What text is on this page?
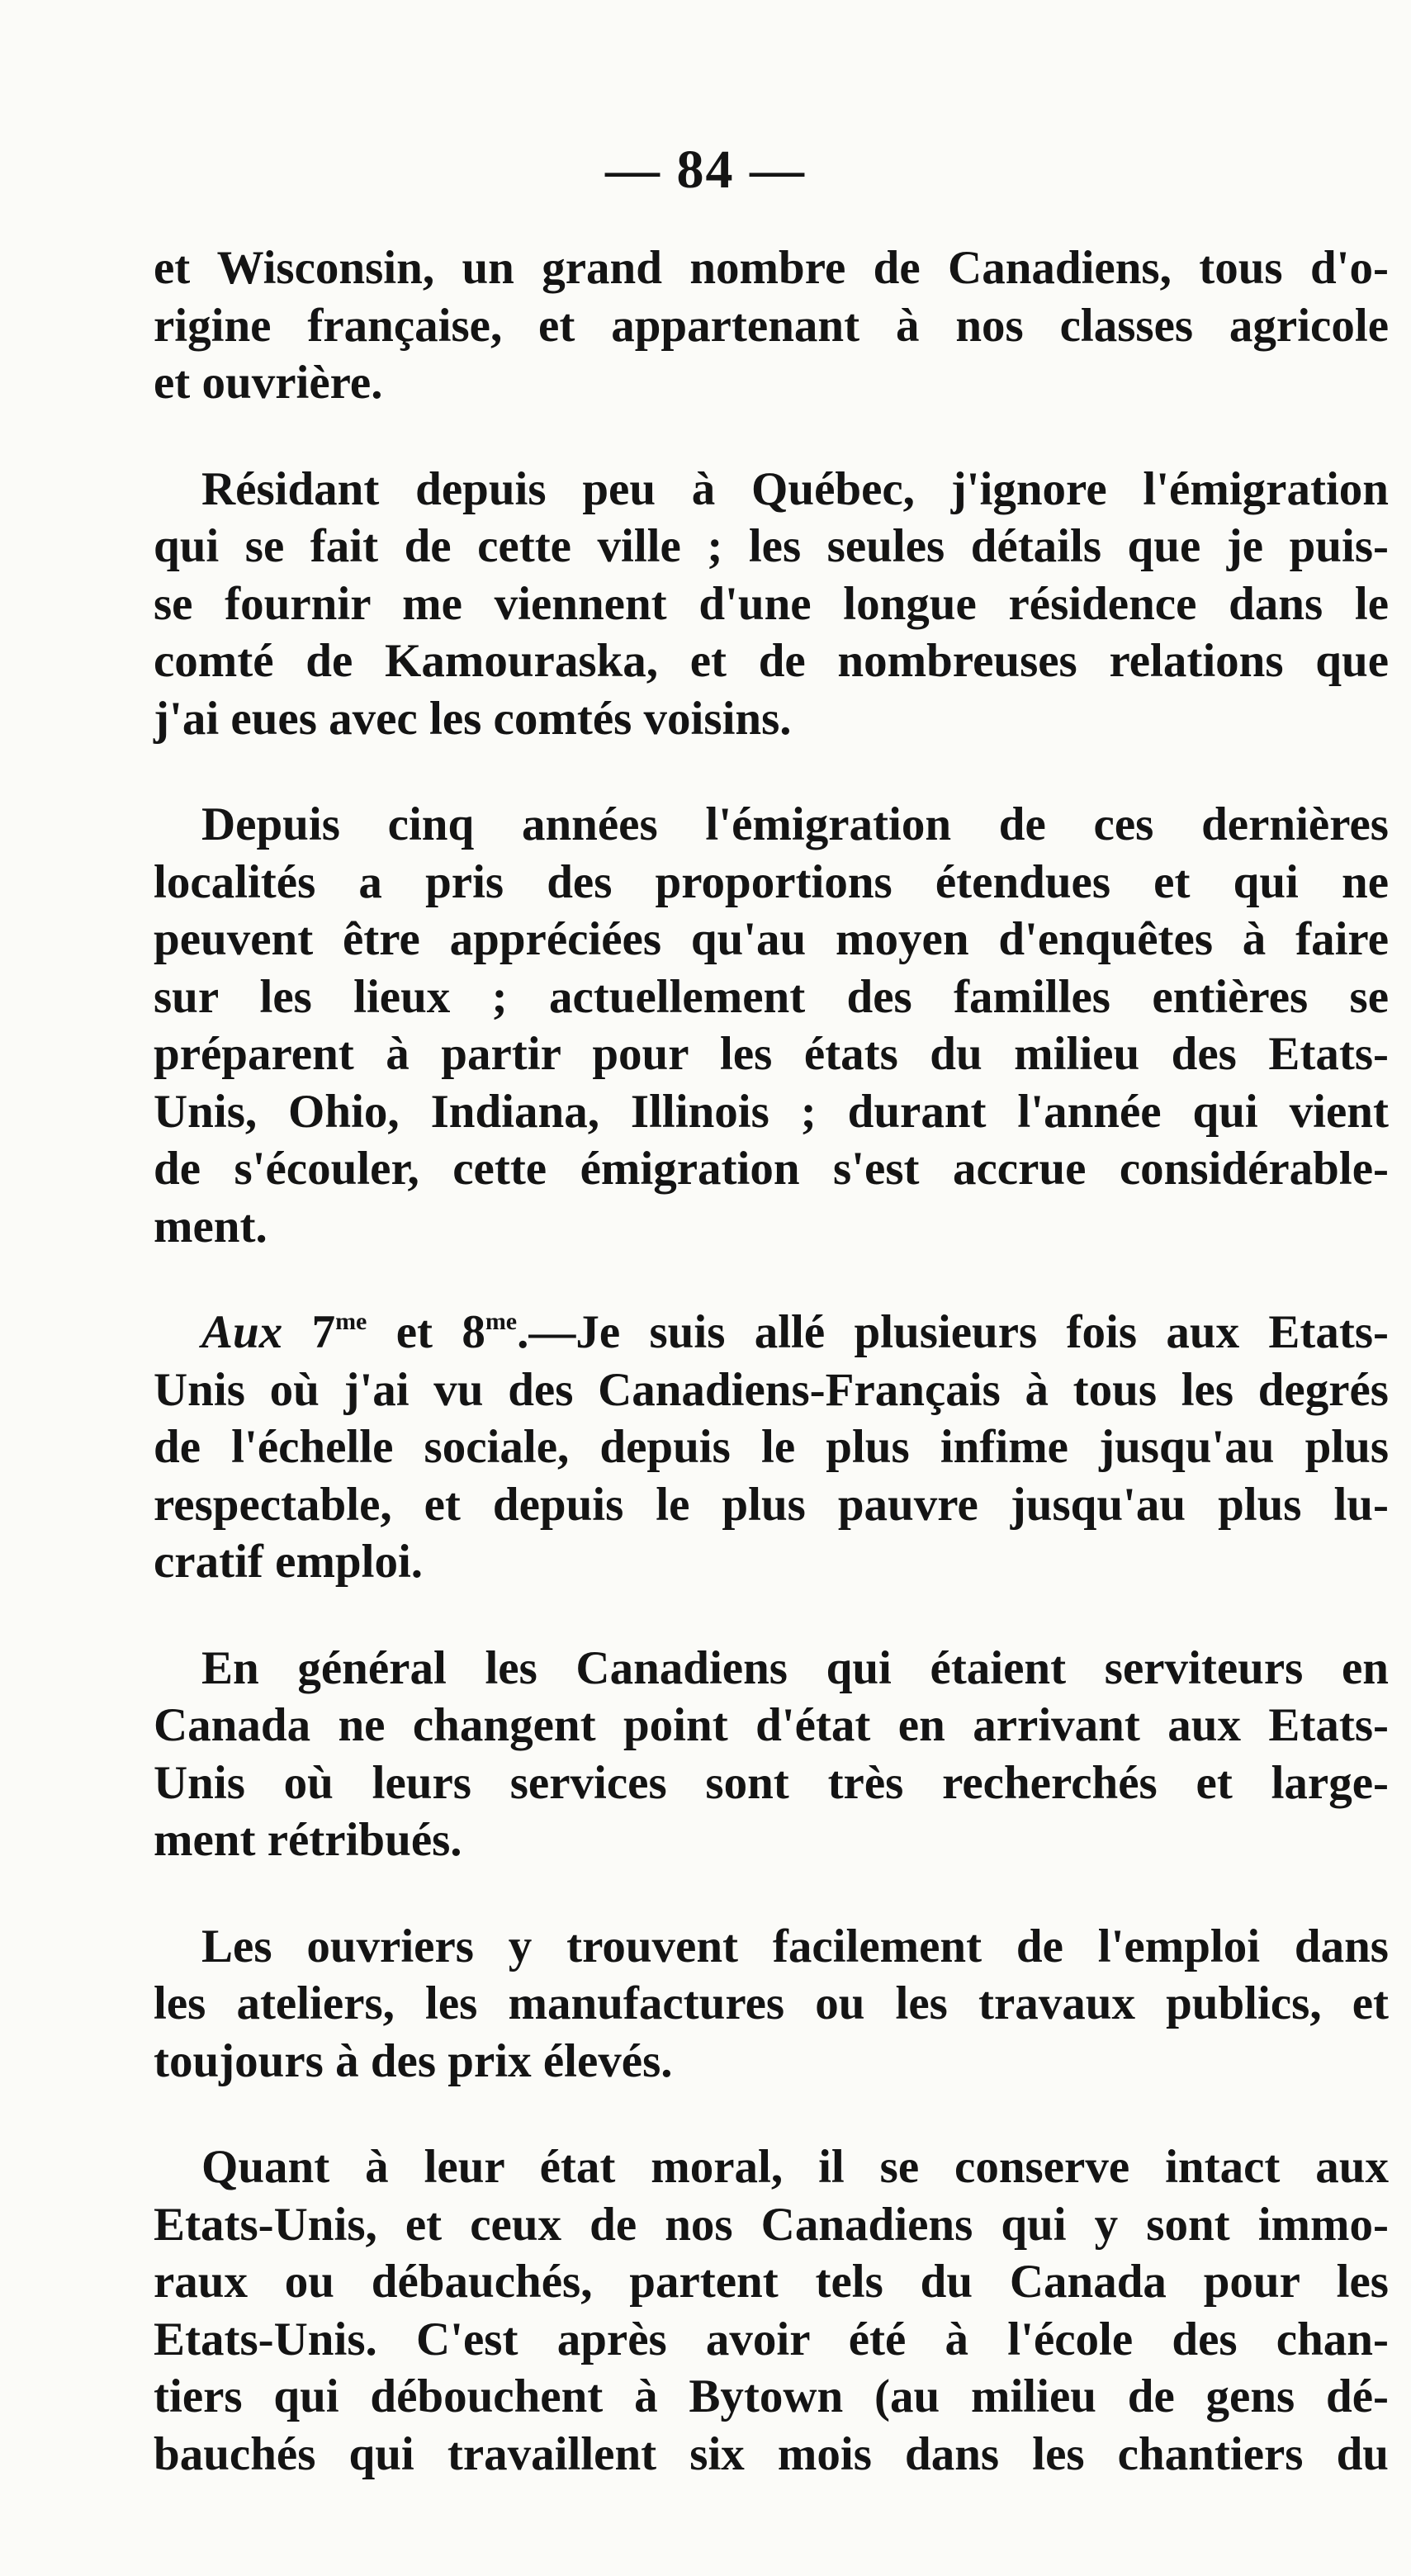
— 84 —
et Wisconsin, un grand nombre de Canadiens, tous d'o-
rigine française, et appartenant à nos classes agricole
et ouvrière.
Résidant depuis peu à Québec, j'ignore l'émigration
qui se fait de cette ville ; les seules détails que je puis-
se fournir me viennent d'une longue résidence dans le
comté de Kamouraska, et de nombreuses relations que
j'ai eues avec les comtés voisins.
Depuis cinq années l'émigration de ces dernières
localités a pris des proportions étendues et qui ne
peuvent être appréciées qu'au moyen d'enquêtes à faire
sur les lieux ; actuellement des familles entières se
préparent à partir pour les états du milieu des Etats-
Unis, Ohio, Indiana, Illinois ; durant l'année qui vient
de s'écouler, cette émigration s'est accrue considérable-
ment.
Aux $7^{me}$ et $8^{me}.—Je$ suis allé plusieurs fois aux Etats-
Unis où j'ai vu des Canadiens-Français à tous les degrés
de l'échelle sociale, depuis le plus infime jusqu'au plus
respectable, et depuis le plus pauvre jusqu'au plus lu-
cratif emploi.
En général les Canadiens qui étaient serviteurs en
Canada ne changent point d'état en arrivant aux Etats-
Unis où leurs services sont très recherchés et large-
ment rétribués.
Les ouvriers y trouvent facilement de l'emploi dans
les ateliers, les manufactures ou les travaux publics, et
toujours à des prix élevés.
Quant à leur état moral, il se conserve intact aux
Etats-Unis, et ceux de nos Canadiens qui y sont immo-
raux ou débauchés, partent tels du Canada pour les
Etats-Unis. C'est après avoir été à l'école des chan-
tiers qui débouchent à Bytown (au milieu de gens dé-
bauchés qui travaillent six mois dans les chantiers du
